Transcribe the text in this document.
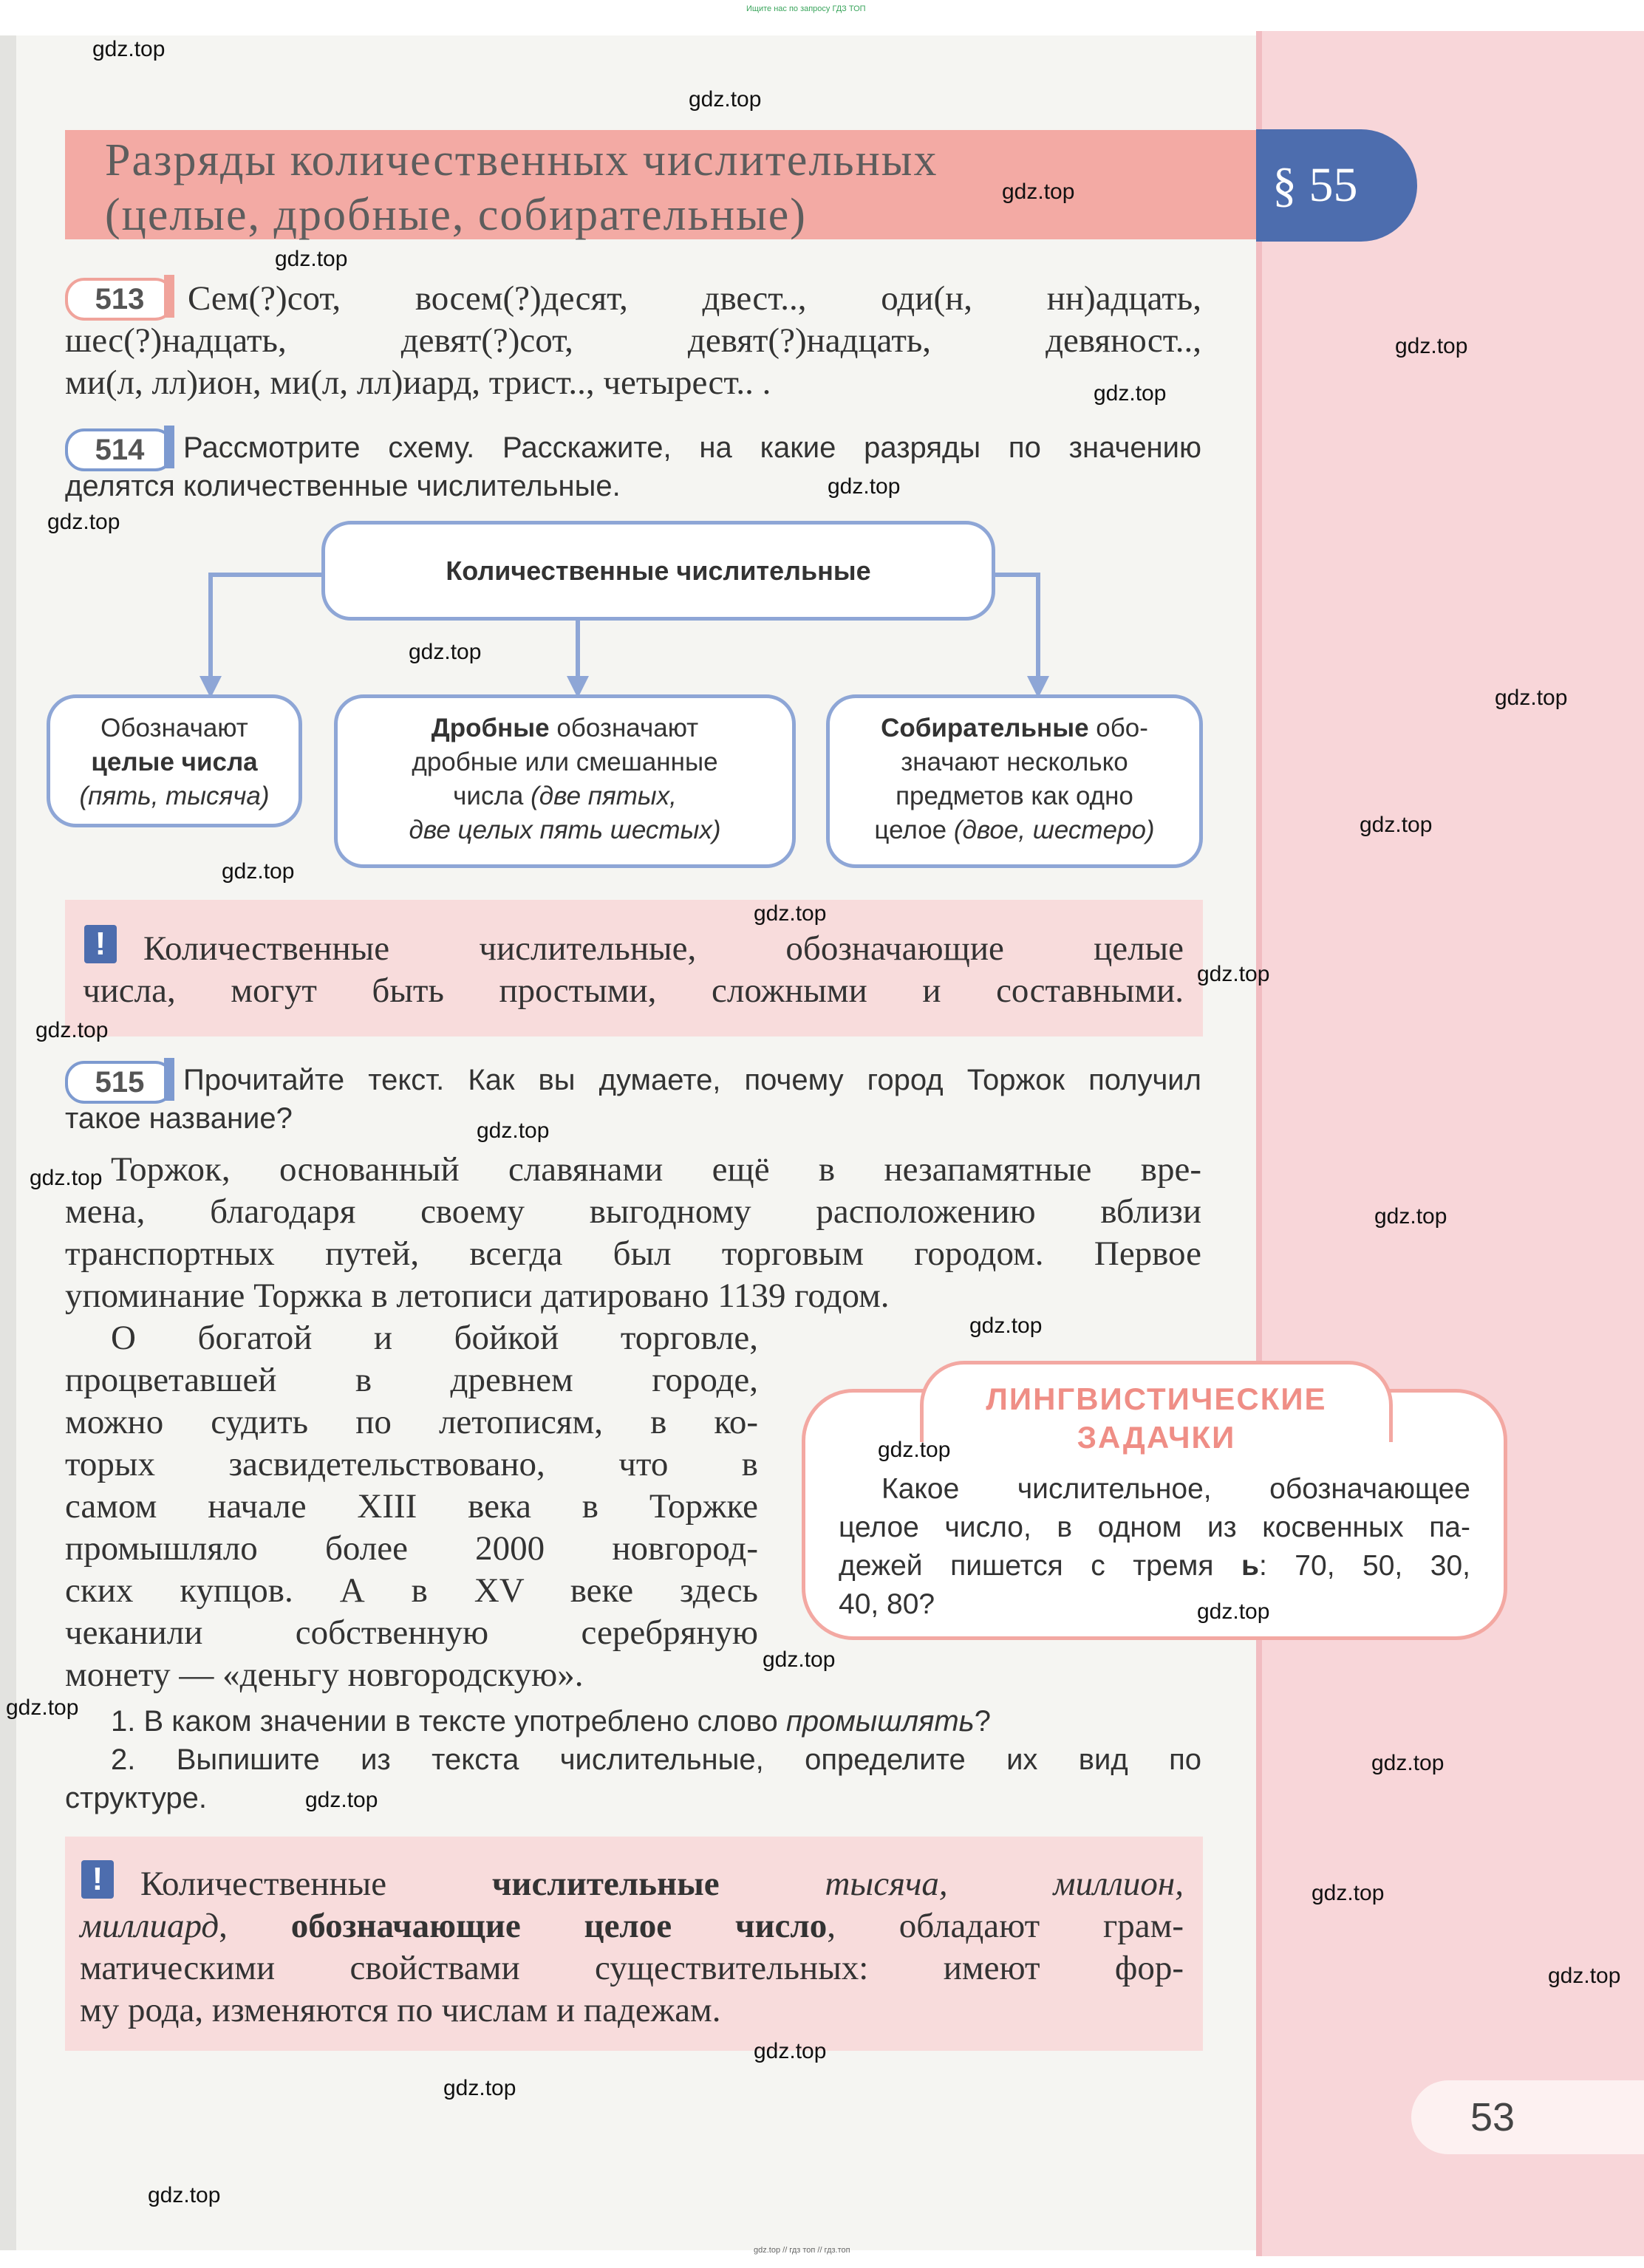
Ищите нас по запросу ГДЗ ТОП
gdz.top // гдз топ // гдз.топ
Разряды количественных числительных
(целые, дробные, собирательные)
§ 55
513	Сем(?)сот, восем(?)десят, двест.., оди(н, нн)адцать,
шес(?)надцать, девят(?)сот, девят(?)надцать, девяност..,
ми(л, лл)ион, ми(л, лл)иард, трист.., четырест.. .
514	Рассмотрите схему. Расскажите, на какие разряды по значению
делятся количественные числительные.
Количественные числительные
Обозначают
целые числа
(пять, тысяча)
Дробные обозначают
дробные или смешанные
числа (две пятых,
две целых пять шестых)
Собирательные обо-
значают несколько
предметов как одно
целое (двое, шестеро)
!	Количественные числительные, обозначающие целые
числа, могут быть простыми, сложными и составными.
515	Прочитайте текст. Как вы думаете, почему город Торжок получил
такое название?
Торжок, основанный славянами ещё в незапамятные вре-
мена, благодаря своему выгодному расположению вблизи
транспортных путей, всегда был торговым городом. Первое
упоминание Торжка в летописи датировано 1139 годом.
О богатой и бойкой торговле,
процветавшей в древнем городе,
можно судить по летописям, в ко-
торых засвидетельствовано, что в
самом начале XIII века в Торжке
промышляло более 2000 новгород-
ских купцов. А в XV веке здесь
чеканили собственную серебряную
монету — «деньгу новгородскую».
1. В каком значении в тексте употреблено слово промышлять?
2. Выпишите из текста числительные, определите их вид по
структуре.
ЛИНГВИСТИЧЕСКИЕ
ЗАДАЧКИ
Какое числительное, обозначающее
целое число, в одном из косвенных па-
дежей пишется с тремя ь: 70, 50, 30,
40, 80?
!	Количественные числительные тысяча, миллион,
миллиард, обозначающие целое число, обладают грам-
матическими свойствами существительных: имеют фор-
му рода, изменяются по числам и падежам.
53
gdz.top
gdz.top
gdz.top
gdz.top
gdz.top
gdz.top
gdz.top
gdz.top
gdz.top
gdz.top
gdz.top
gdz.top
gdz.top
gdz.top
gdz.top
gdz.top
gdz.top
gdz.top
gdz.top
gdz.top
gdz.top
gdz.top
gdz.top
gdz.top
gdz.top
gdz.top
gdz.top
gdz.top
gdz.top
gdz.top
